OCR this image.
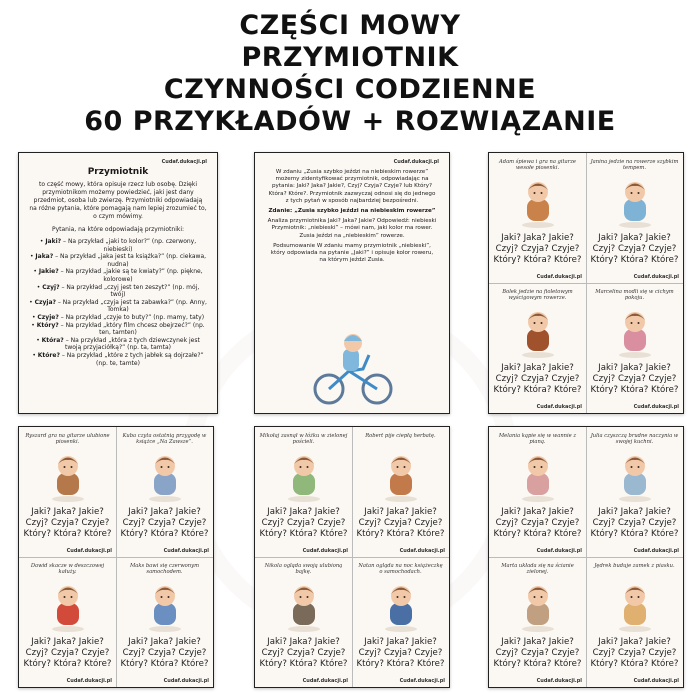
CZĘŚCI MOWY
PRZYMIOTNIK
CZYNNOŚCI CODZIENNE
60 PRZYKŁADÓW + ROZWIĄZANIE
Cudaf.dukacji.pl
Przymiotnik

to część mowy, która opisuje rzecz lub osobę. Dzięki przymiotnikom możemy powiedzieć, jaki jest dany przedmiot, osoba lub zwierzę. Przymiotniki odpowiadają na różne pytania, które pomagają nam lepiej zrozumieć to, o czym mówimy.

Pytania, na które odpowiadają przymiotniki:

• Jaki? – Na przykład „jaki to kolor?” (np. czerwony, niebieski)
• Jaka? – Na przykład „jaka jest ta książka?” (np. ciekawa, nudna)
• Jakie? – Na przykład „jakie są te kwiaty?” (np. piękne, kolorowe)
• Czyj? – Na przykład „czyj jest ten zeszyt?” (np. mój, twój)
• Czyja? – Na przykład „czyja jest ta zabawka?” (np. Anny, Tomka)
• Czyje? – Na przykład „czyje to buty?” (np. mamy, taty)
• Który? – Na przykład „który film chcesz obejrzeć?” (np. ten, tamten)
• Która? – Na przykład „która z tych dziewczynek jest twoją przyjaciółką?” (np. ta, tamta)
• Które? – Na przykład „które z tych jabłek są dojrzałe?” (np. te, tamte)
Cudaf.dukacji.pl

W zdaniu „Zusia szybko jeździ na niebieskim rowerze” możemy zidentyfikować przymiotnik, odpowiadając na pytania: Jaki? Jaka? Jakie?, Czyj? Czyja? Czyje? lub Który? Która? Które?. Przymiotnik zazwyczaj odnosi się do jednego z tych pytań w sposób najbardziej bezpośredni.

Zdanie: „Zusia szybko jeździ na niebieskim rowerze”

Analiza przymiotnika Jaki? Jaka? Jakie? Odpowiedź: niebieski Przymiotnik: „niebieski” – mówi nam, jaki kolor ma rower. Zusia jeździ na „niebieskim” rowerze.

Podsumowanie W zdaniu mamy przymiotnik „niebieski”, który odpowiada na pytanie „Jaki?” i opisuje kolor roweru, na którym jeździ Zusia.

Adam śpiewa i gra na gitarze wesołe piosenki.
Jaki? Jaka? Jakie?
Czyj? Czyja? Czyje?
Który? Która? Które?
Cudaf.dukacji.pl
Janina jedzie na rowerze szybkim tempem.
Jaki? Jaka? Jakie?
Czyj? Czyja? Czyje?
Który? Która? Które?
Cudaf.dukacji.pl
Bolek jedzie na fioletowym wyścigowym rowerze.
Jaki? Jaka? Jakie?
Czyj? Czyja? Czyje?
Który? Która? Które?
Cudaf.dukacji.pl
Marcelina modli się w cichym pokoju.
Jaki? Jaka? Jakie?
Czyj? Czyja? Czyje?
Który? Która? Które?
Cudaf.dukacji.pl
Ryszard gra na gitarze ulubione piosenki.
Jaki? Jaka? Jakie?
Czyj? Czyja? Czyje?
Który? Która? Które?
Cudaf.dukacji.pl
Kuba czyta ostatnią przygodę w książce „Na Zawsze”.
Jaki? Jaka? Jakie?
Czyj? Czyja? Czyje?
Który? Która? Które?
Cudaf.dukacji.pl
Dawid skacze w deszczowej kałuży.
Jaki? Jaka? Jakie?
Czyj? Czyja? Czyje?
Który? Która? Które?
Cudaf.dukacji.pl
Maks bawi się czerwonym samochodem.
Jaki? Jaka? Jakie?
Czyj? Czyja? Czyje?
Który? Która? Które?
Cudaf.dukacji.pl
Mikołaj zasnął w łóżku w zielonej pościeli.
Jaki? Jaka? Jakie?
Czyj? Czyja? Czyje?
Który? Która? Które?
Cudaf.dukacji.pl
Robert pije ciepłą herbatę.
Jaki? Jaka? Jakie?
Czyj? Czyja? Czyje?
Który? Która? Które?
Cudaf.dukacji.pl
Nikola ogląda swoją ulubioną bajkę.
Jaki? Jaka? Jakie?
Czyj? Czyja? Czyje?
Który? Która? Które?
Cudaf.dukacji.pl
Natan ogląda na noc książeczkę o samochodach.
Jaki? Jaka? Jakie?
Czyj? Czyja? Czyje?
Który? Która? Które?
Cudaf.dukacji.pl
Melania kąpie się w wannie z pianą.
Jaki? Jaka? Jakie?
Czyj? Czyja? Czyje?
Który? Która? Które?
Cudaf.dukacji.pl
Julia czyszczą brudne naczynia w swojej kuchni.
Jaki? Jaka? Jakie?
Czyj? Czyja? Czyje?
Który? Która? Które?
Cudaf.dukacji.pl
Marta układa się na ścianie zielonej.
Jaki? Jaka? Jakie?
Czyj? Czyja? Czyje?
Który? Która? Które?
Cudaf.dukacji.pl
Jędrek buduje zamek z piasku.
Jaki? Jaka? Jakie?
Czyj? Czyja? Czyje?
Który? Która? Które?
Cudaf.dukacji.pl
